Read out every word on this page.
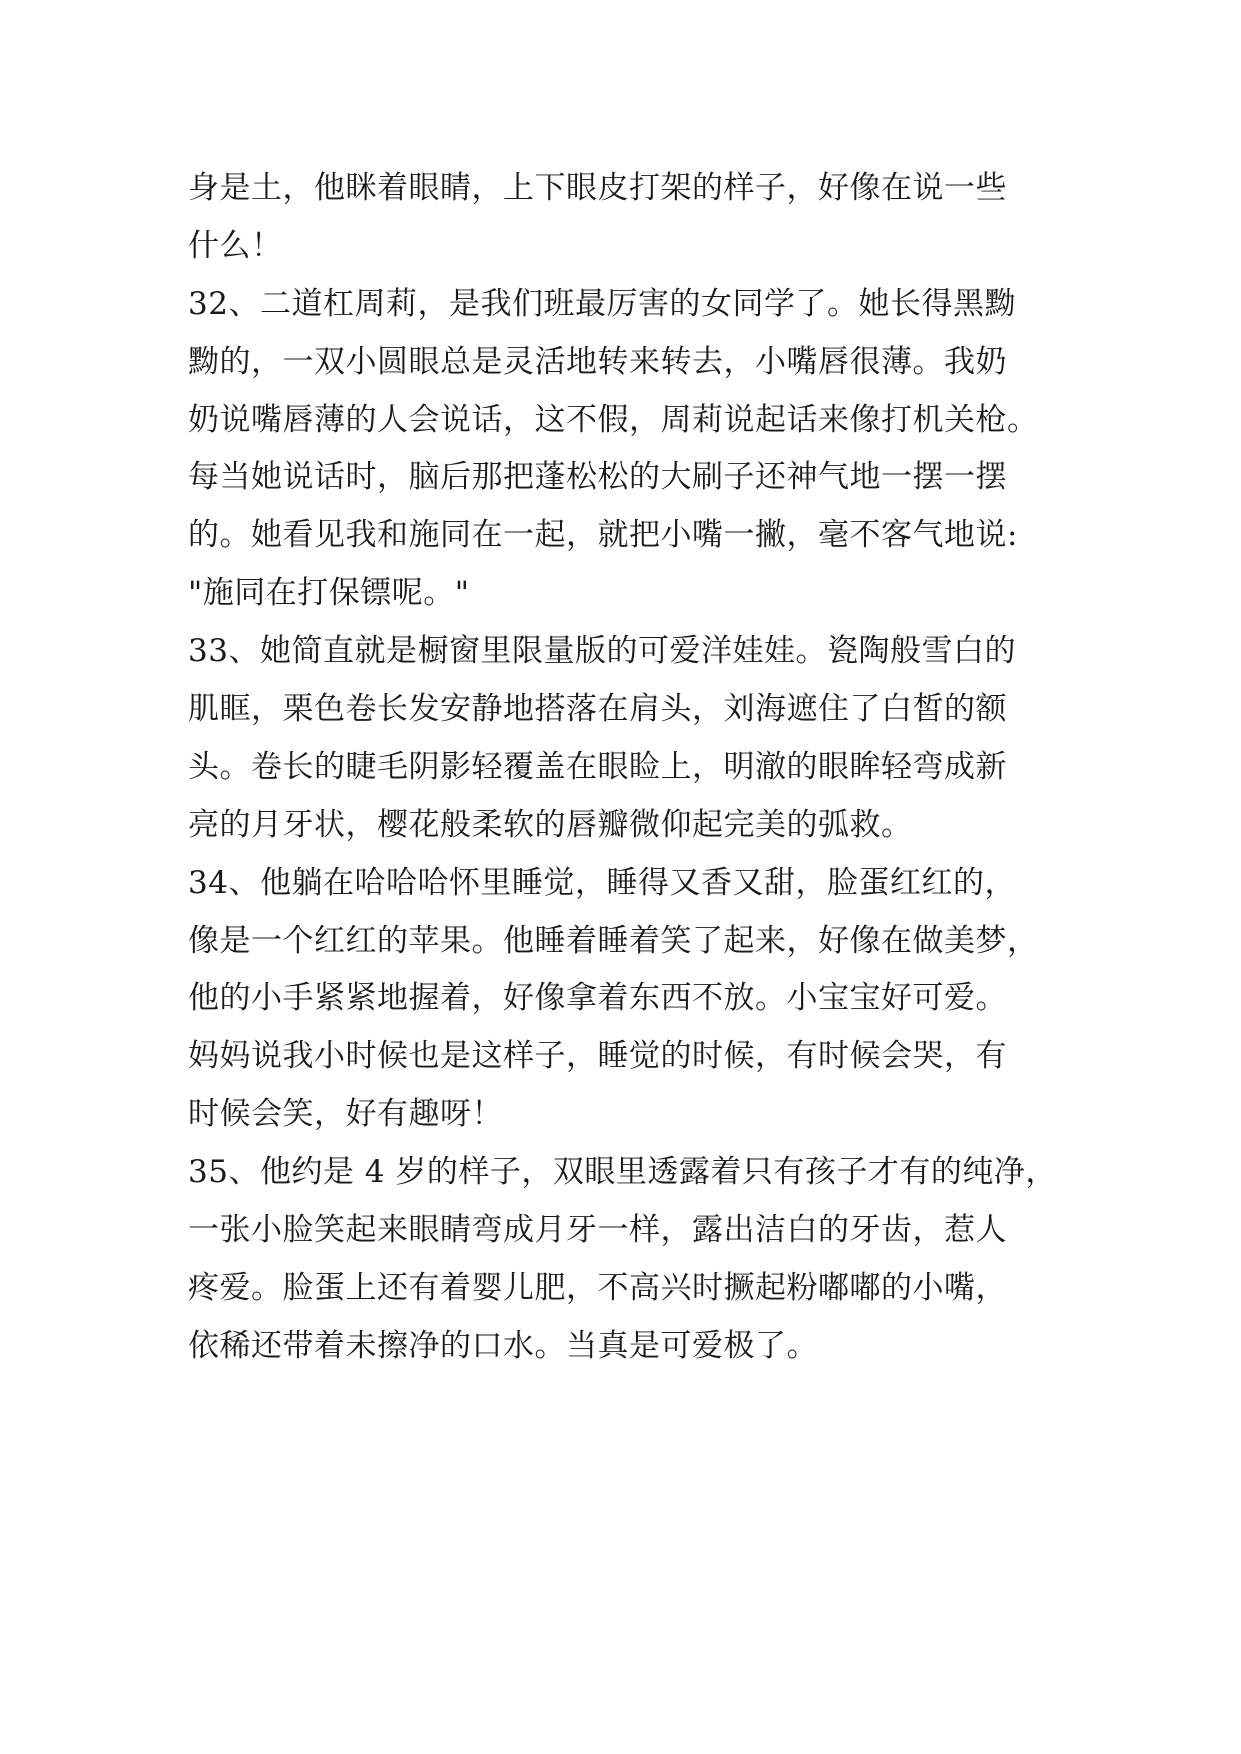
身是土，他眯着眼睛，上下眼皮打架的样子，好像在说一些
什么！
32、二道杠周莉，是我们班最厉害的女同学了。她长得黑黝
黝的，一双小圆眼总是灵活地转来转去，小嘴唇很薄。我奶
奶说嘴唇薄的人会说话，这不假，周莉说起话来像打机关枪。
每当她说话时，脑后那把蓬松松的大刷子还神气地一摆一摆
的。她看见我和施同在一起，就把小嘴一撇，毫不客气地说:
"施同在打保镖呢。"
33、她简直就是橱窗里限量版的可爱洋娃娃。瓷陶般雪白的
肌眶，栗色卷长发安静地搭落在肩头，刘海遮住了白皙的额
头。卷长的睫毛阴影轻覆盖在眼睑上，明澈的眼眸轻弯成新
亮的月牙状，樱花般柔软的唇瓣微仰起完美的弧救。
34、他躺在哈哈哈怀里睡觉，睡得又香又甜，脸蛋红红的，
像是一个红红的苹果。他睡着睡着笑了起来，好像在做美梦，
他的小手紧紧地握着，好像拿着东西不放。小宝宝好可爱。
妈妈说我小时候也是这样子，睡觉的时候，有时候会哭，有
时候会笑，好有趣呀！
35、他约是 4 岁的样子，双眼里透露着只有孩子才有的纯净，
一张小脸笑起来眼睛弯成月牙一样，露出洁白的牙齿，惹人
疼爱。脸蛋上还有着婴儿肥，不高兴时撅起粉嘟嘟的小嘴，
依稀还带着未擦净的口水。当真是可爱极了。
